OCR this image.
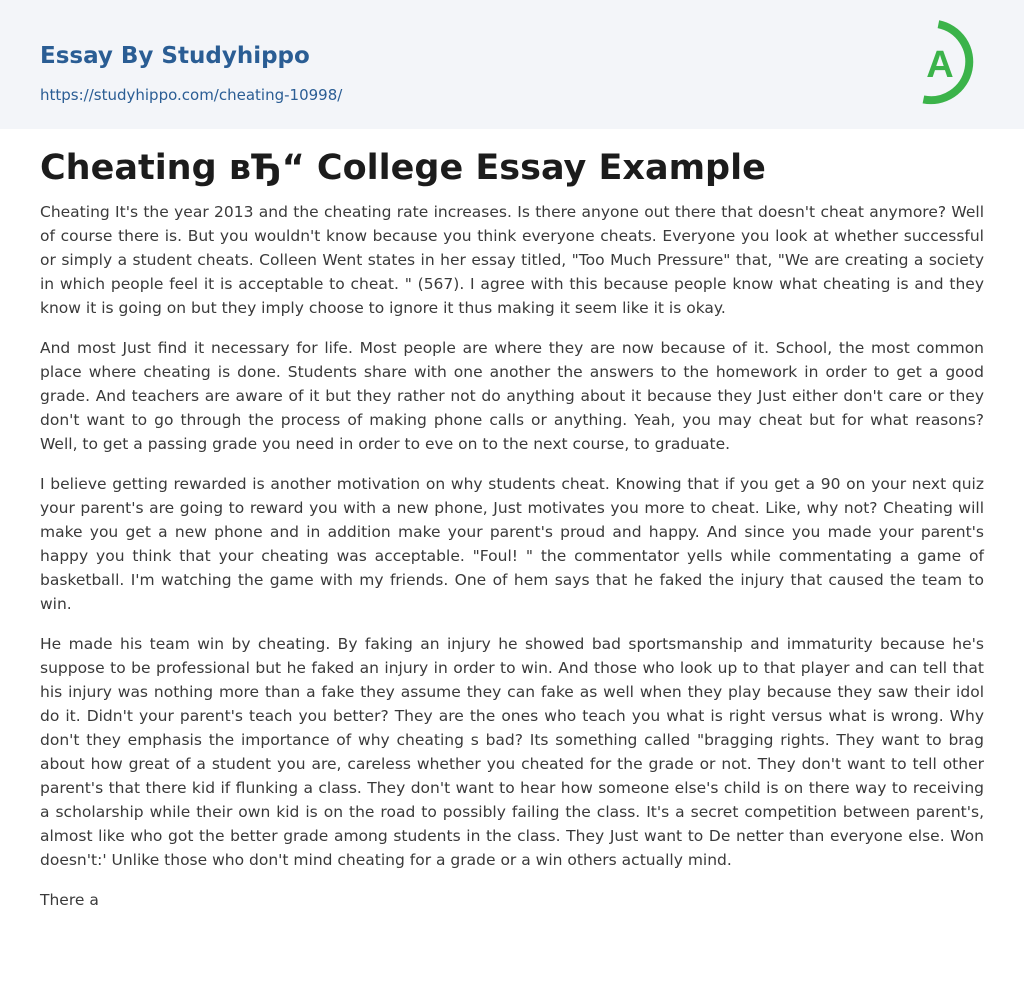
Essay By Studyhippo
https://studyhippo.com/cheating-10998/
A
Cheating вЂ“ College Essay Example

Cheating It's the year 2013 and the cheating rate increases. Is there anyone out there that doesn't cheat anymore? Well of course there is. But you wouldn't know because you think everyone cheats. Everyone you look at whether successful or simply a student cheats. Colleen Went states in her essay titled, "Too Much Pressure" that, "We are creating a society in which people feel it is acceptable to cheat. " (567). I agree with this because people know what cheating is and they know it is going on but they imply choose to ignore it thus making it seem like it is okay.

And most Just find it necessary for life. Most people are where they are now because of it. School, the most common place where cheating is done. Students share with one another the answers to the homework in order to get a good grade. And teachers are aware of it but they rather not do anything about it because they Just either don't care or they don't want to go through the process of making phone calls or anything. Yeah, you may cheat but for what reasons? Well, to get a passing grade you need in order to eve on to the next course, to graduate.

I believe getting rewarded is another motivation on why students cheat. Knowing that if you get a 90 on your next quiz your parent's are going to reward you with a new phone, Just motivates you more to cheat. Like, why not? Cheating will make you get a new phone and in addition make your parent's proud and happy. And since you made your parent's happy you think that your cheating was acceptable. "Foul! " the commentator yells while commentating a game of basketball. I'm watching the game with my friends. One of hem says that he faked the injury that caused the team to win.

He made his team win by cheating. By faking an injury he showed bad sportsmanship and immaturity because he's suppose to be professional but he faked an injury in order to win. And those who look up to that player and can tell that his injury was nothing more than a fake they assume they can fake as well when they play because they saw their idol do it. Didn't your parent's teach you better? They are the ones who teach you what is right versus what is wrong. Why don't they emphasis the importance of why cheating s bad? Its something called "bragging rights. They want to brag about how great of a student you are, careless whether you cheated for the grade or not. They don't want to tell other parent's that there kid if flunking a class. They don't want to hear how someone else's child is on there way to receiving a scholarship while their own kid is on the road to possibly failing the class. It's a secret competition between parent's, almost like who got the better grade among students in the class. They Just want to De netter than everyone else. Won doesn't:' Unlike those who don't mind cheating for a grade or a win others actually mind.

There a
